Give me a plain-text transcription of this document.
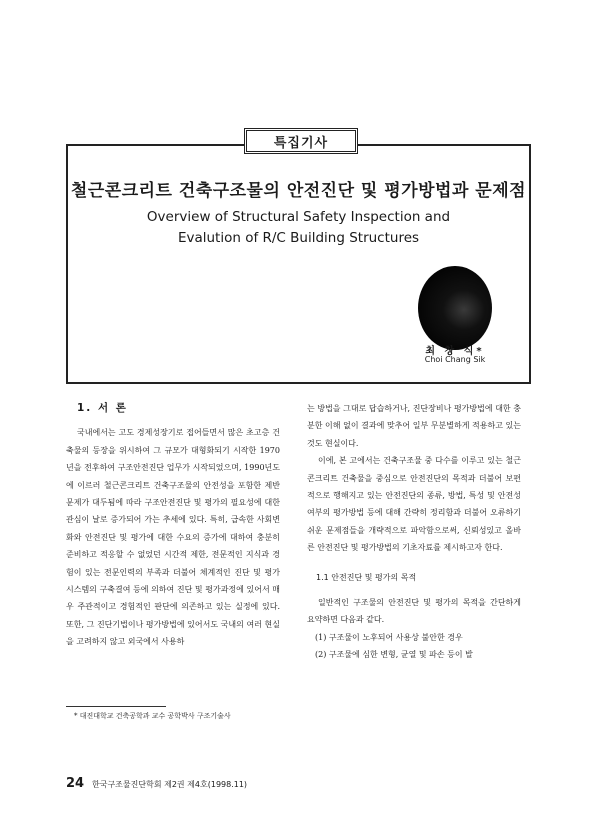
특집기사
철근콘크리트 건축구조물의 안전진단 및 평가방법과 문제점
Overview of Structural Safety Inspection and
Evalution of R/C Building Structures
최 창 식*
Choi Chang Sik
1. 서 론

국내에서는 고도 경제성장기로 접어들면서 많은 초고층 건축물의 등장을 위시하여 그 규모가 대형화되기 시작한 1970년을 전후하여 구조안전진단 업무가 시작되었으며, 1990년도에 이르러 철근콘크리트 건축구조물의 안전성을 포함한 제반 문제가 대두됨에 따라 구조안전진단 및 평가의 필요성에 대한 관심이 날로 증가되어 가는 추세에 있다. 특히, 급속한 사회변화와 안전진단 및 평가에 대한 수요의 증가에 대하여 충분히 준비하고 적응할 수 없었던 시간적 제한, 전문적인 지식과 경험이 있는 전문인력의 부족과 더불어 체계적인 진단 및 평가 시스템의 구축결여 등에 의하여 진단 및 평가과정에 있어서 매우 주관적이고 경험적인 판단에 의존하고 있는 실정에 있다. 또한, 그 진단기법이나 평가방법에 있어서도 국내의 여러 현실을 고려하지 않고 외국에서 사용하

는 방법을 그대로 답습하거나, 진단장비나 평가방법에 대한 충분한 이해 없이 결과에 맞추어 일부 무분별하게 적용하고 있는 것도 현실이다.

이에, 본 고에서는 건축구조물 중 다수를 이루고 있는 철근콘크리트 건축물을 중심으로 안전진단의 목적과 더불어 보편적으로 행해지고 있는 안전진단의 종류, 방법, 특성 및 안전성 여부의 평가방법 등에 대해 간략히 정리함과 더불어 오류하기 쉬운 문제점들을 개략적으로 파악함으로써, 신뢰성있고 올바른 안전진단 및 평가방법의 기초자료를 제시하고자 한다.

1.1 안전진단 및 평가의 목적

일반적인 구조물의 안전진단 및 평가의 목적을 간단하게 요약하면 다음과 같다.

(1) 구조물이 노후되어 사용상 불안한 경우

(2) 구조물에 심한 변형, 균열 및 파손 등이 발

* 대진대학교 건축공학과 교수 공학박사 구조기술사
24 한국구조물진단학회 제2권 제4호(1998.11)
